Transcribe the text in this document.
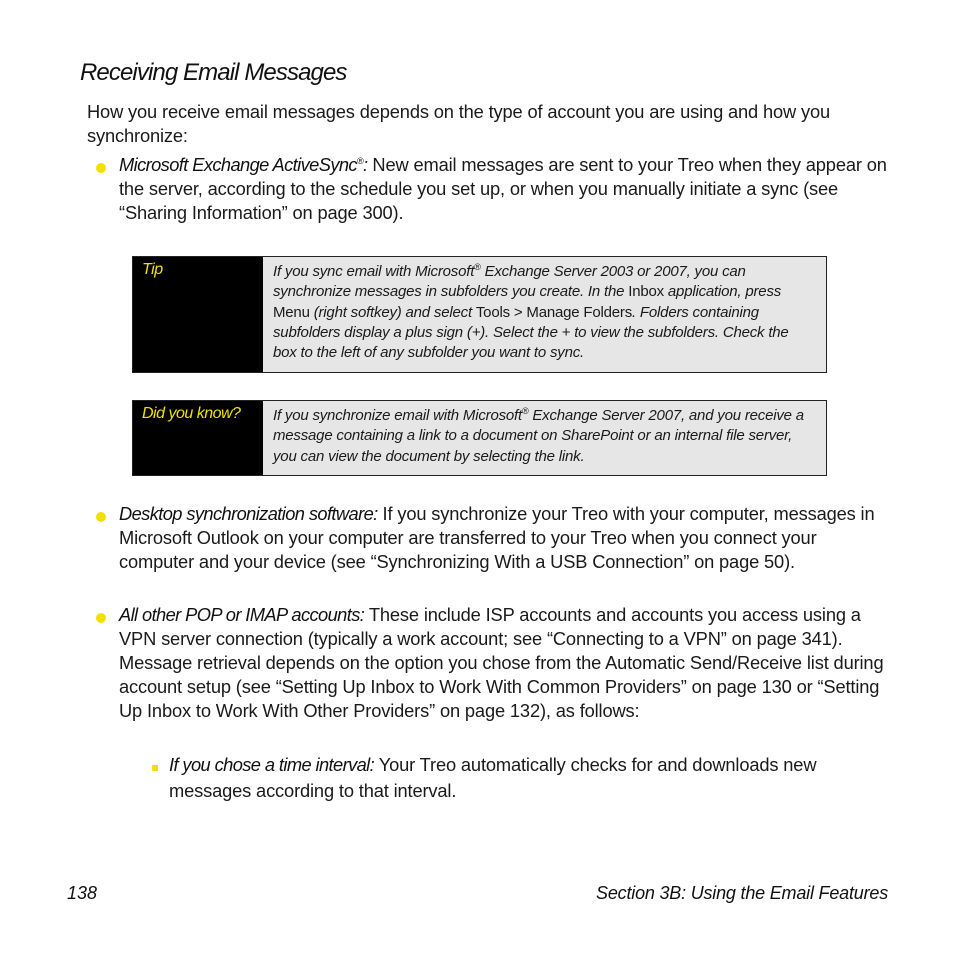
Receiving Email Messages

How you receive email messages depends on the type of account you are using and how you synchronize:

Microsoft Exchange ActiveSync®: New email messages are sent to your Treo when they appear on the server, according to the schedule you set up, or when you manually initiate a sync (see “Sharing Information” on page 300).

Tip	If you sync email with Microsoft® Exchange Server 2003 or 2007, you can synchronize messages in subfolders you create. In the Inbox application, press Menu (right softkey) and select Tools > Manage Folders. Folders containing subfolders display a plus sign (+). Select the + to view the subfolders. Check the box to the left of any subfolder you want to sync.

Did you know?	If you synchronize email with Microsoft® Exchange Server 2007, and you receive a message containing a link to a document on SharePoint or an internal file server, you can view the document by selecting the link.

Desktop synchronization software: If you synchronize your Treo with your computer, messages in Microsoft Outlook on your computer are transferred to your Treo when you connect your computer and your device (see “Synchronizing With a USB Connection” on page 50).

All other POP or IMAP accounts: These include ISP accounts and accounts you access using a VPN server connection (typically a work account; see “Connecting to a VPN” on page 341). Message retrieval depends on the option you chose from the Automatic Send/Receive list during account setup (see “Setting Up Inbox to Work With Common Providers” on page 130 or “Setting Up Inbox to Work With Other Providers” on page 132), as follows:

If you chose a time interval: Your Treo automatically checks for and downloads new messages according to that interval.

138	Section 3B: Using the Email Features
